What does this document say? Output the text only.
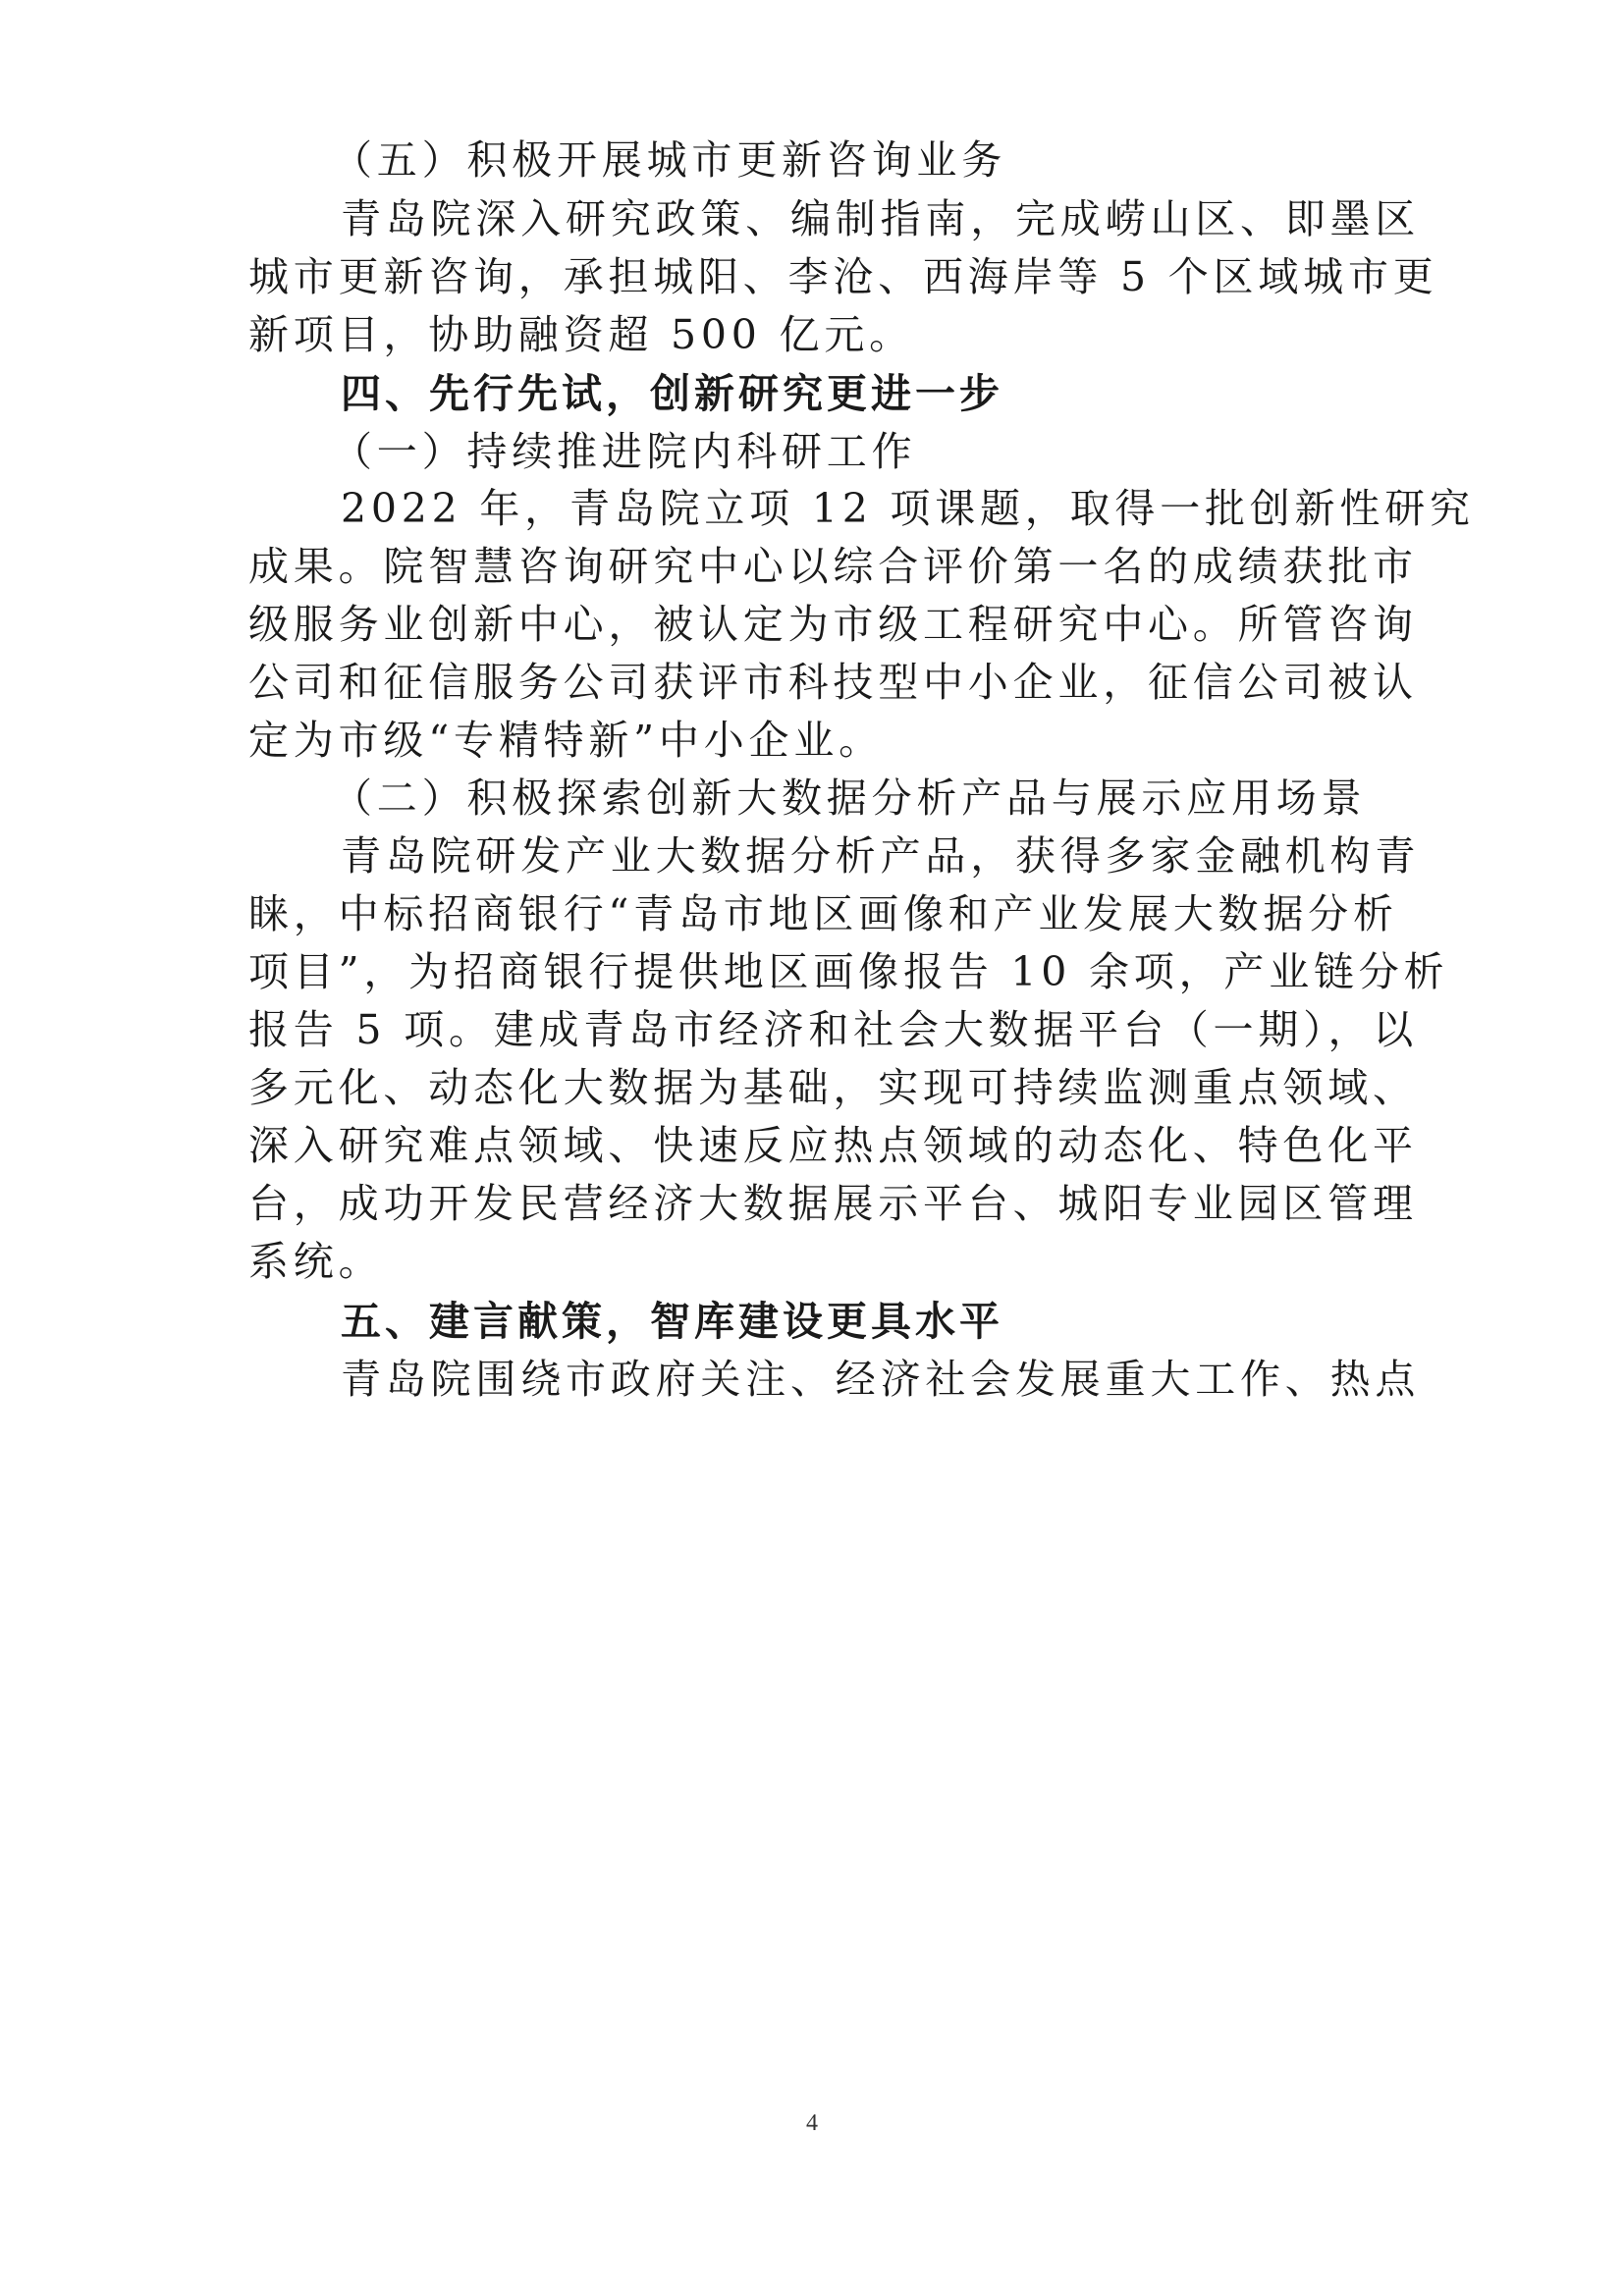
（五）积极开展城市更新咨询业务
青岛院深入研究政策、编制指南，完成崂山区、即墨区
城市更新咨询，承担城阳、李沧、西海岸等 5 个区域城市更
新项目，协助融资超 500 亿元。
四、先行先试，创新研究更进一步
（一）持续推进院内科研工作
2022 年，青岛院立项 12 项课题，取得一批创新性研究
成果。院智慧咨询研究中心以综合评价第一名的成绩获批市
级服务业创新中心，被认定为市级工程研究中心。所管咨询
公司和征信服务公司获评市科技型中小企业，征信公司被认
定为市级“专精特新”中小企业。
（二）积极探索创新大数据分析产品与展示应用场景
青岛院研发产业大数据分析产品，获得多家金融机构青
睐，中标招商银行“青岛市地区画像和产业发展大数据分析
项目”，为招商银行提供地区画像报告 10 余项，产业链分析
报告 5 项。建成青岛市经济和社会大数据平台（一期），以
多元化、动态化大数据为基础，实现可持续监测重点领域、
深入研究难点领域、快速反应热点领域的动态化、特色化平
台，成功开发民营经济大数据展示平台、城阳专业园区管理
系统。
五、建言献策，智库建设更具水平
青岛院围绕市政府关注、经济社会发展重大工作、热点
4
